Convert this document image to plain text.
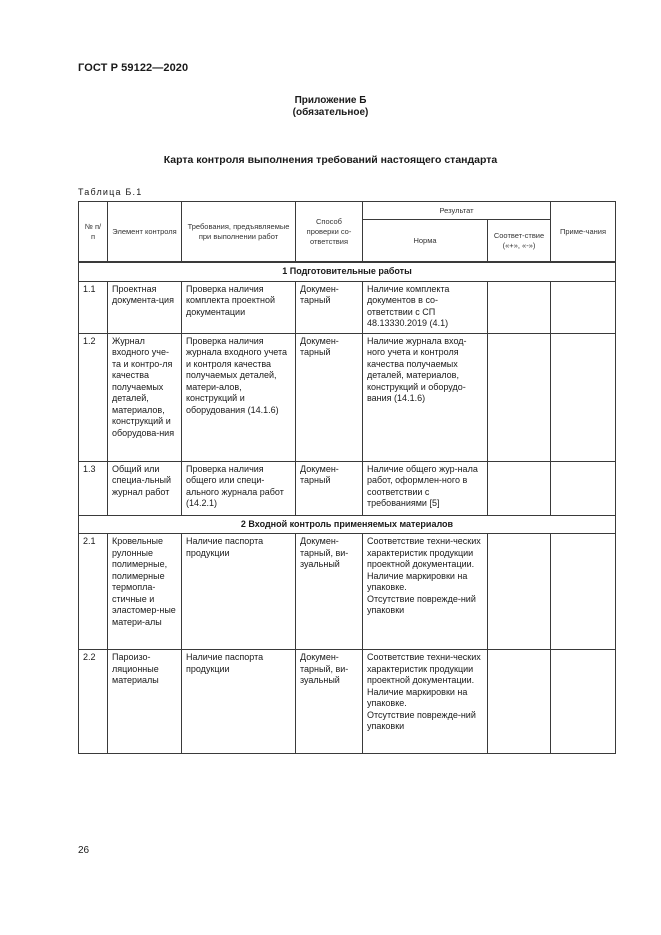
ГОСТ Р 59122—2020
Приложение Б
(обязательное)
Карта контроля выполнения требований настоящего стандарта
Таблица Б.1
№ п/п	Элемент контроля	Требования, предъявляемые при выполнении работ	Способ проверки со-ответствия	Результат		Приме-чания
				Норма	Соответ-ствие («+», «-»)	

1 Подготовительные работы						
1.1	Проектная документа-ция	Проверка наличия комплекта проектной документации	Докумен-тарный	Наличие комплекта документов в со-ответствии с СП 48.13330.2019 (4.1)		
1.2	Журнал входного уче-та и контро-ля качества получаемых деталей, материалов, конструкций и оборудова-ния	Проверка наличия журнала входного учета и контроля качества получаемых деталей, матери-алов, конструкций и оборудования (14.1.6)	Докумен-тарный	Наличие журнала вход-ного учета и контроля качества получаемых деталей, материалов, конструкций и оборудо-вания (14.1.6)		
1.3	Общий или специа-льный журнал работ	Проверка наличия общего или специ-ального журнала работ (14.2.1)	Докумен-тарный	Наличие общего жур-нала работ, оформлен-ного в соответствии с требованиями [5]		
2 Входной контроль применяемых материалов						
2.1	Кровельные рулонные полимерные, полимерные термопла-стичные и эластомер-ные матери-алы	Наличие паспорта продукции	Докумен-тарный, ви-зуальный	Соответствие техни-ческих характеристик продукции проектной документации.
Наличие маркировки на упаковке.
Отсутствие поврежде-ний упаковки		
2.2	Пароизо-ляционные материалы	Наличие паспорта продукции	Докумен-тарный, ви-зуальный	Соответствие техни-ческих характеристик продукции проектной документации.
Наличие маркировки на упаковке.
Отсутствие поврежде-ний упаковки		
26
